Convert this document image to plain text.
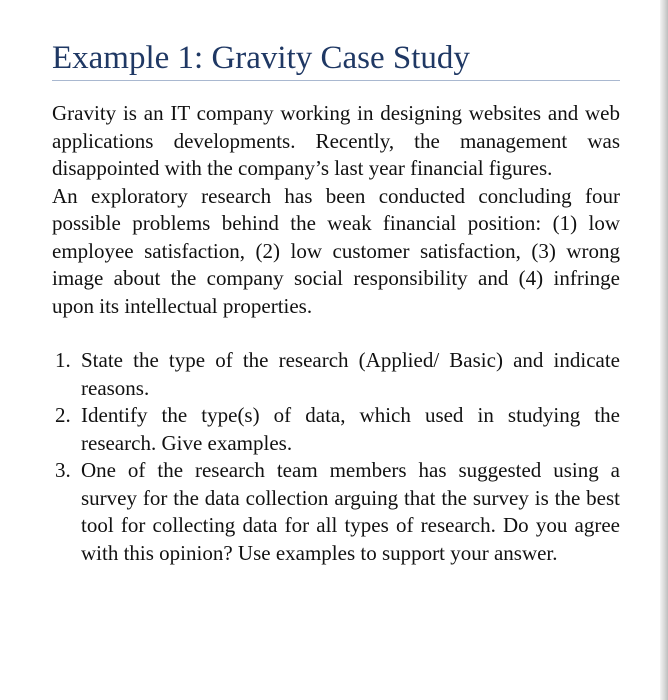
Example 1: Gravity Case Study

Gravity is an IT company working in designing websites and web applications developments. Recently, the management was disappointed with the company’s last year financial figures.

An exploratory research has been conducted concluding four possible problems behind the weak financial position: (1) low employee satisfaction, (2) low customer satisfaction, (3) wrong image about the company social responsibility and (4) infringe upon its intellectual properties.

1. State the type of the research (Applied/ Basic) and indicate reasons.
2. Identify the type(s) of data, which used in studying the research. Give examples.
3. One of the research team members has suggested using a survey for the data collection arguing that the survey is the best tool for collecting data for all types of research. Do you agree with this opinion? Use examples to support your answer.
